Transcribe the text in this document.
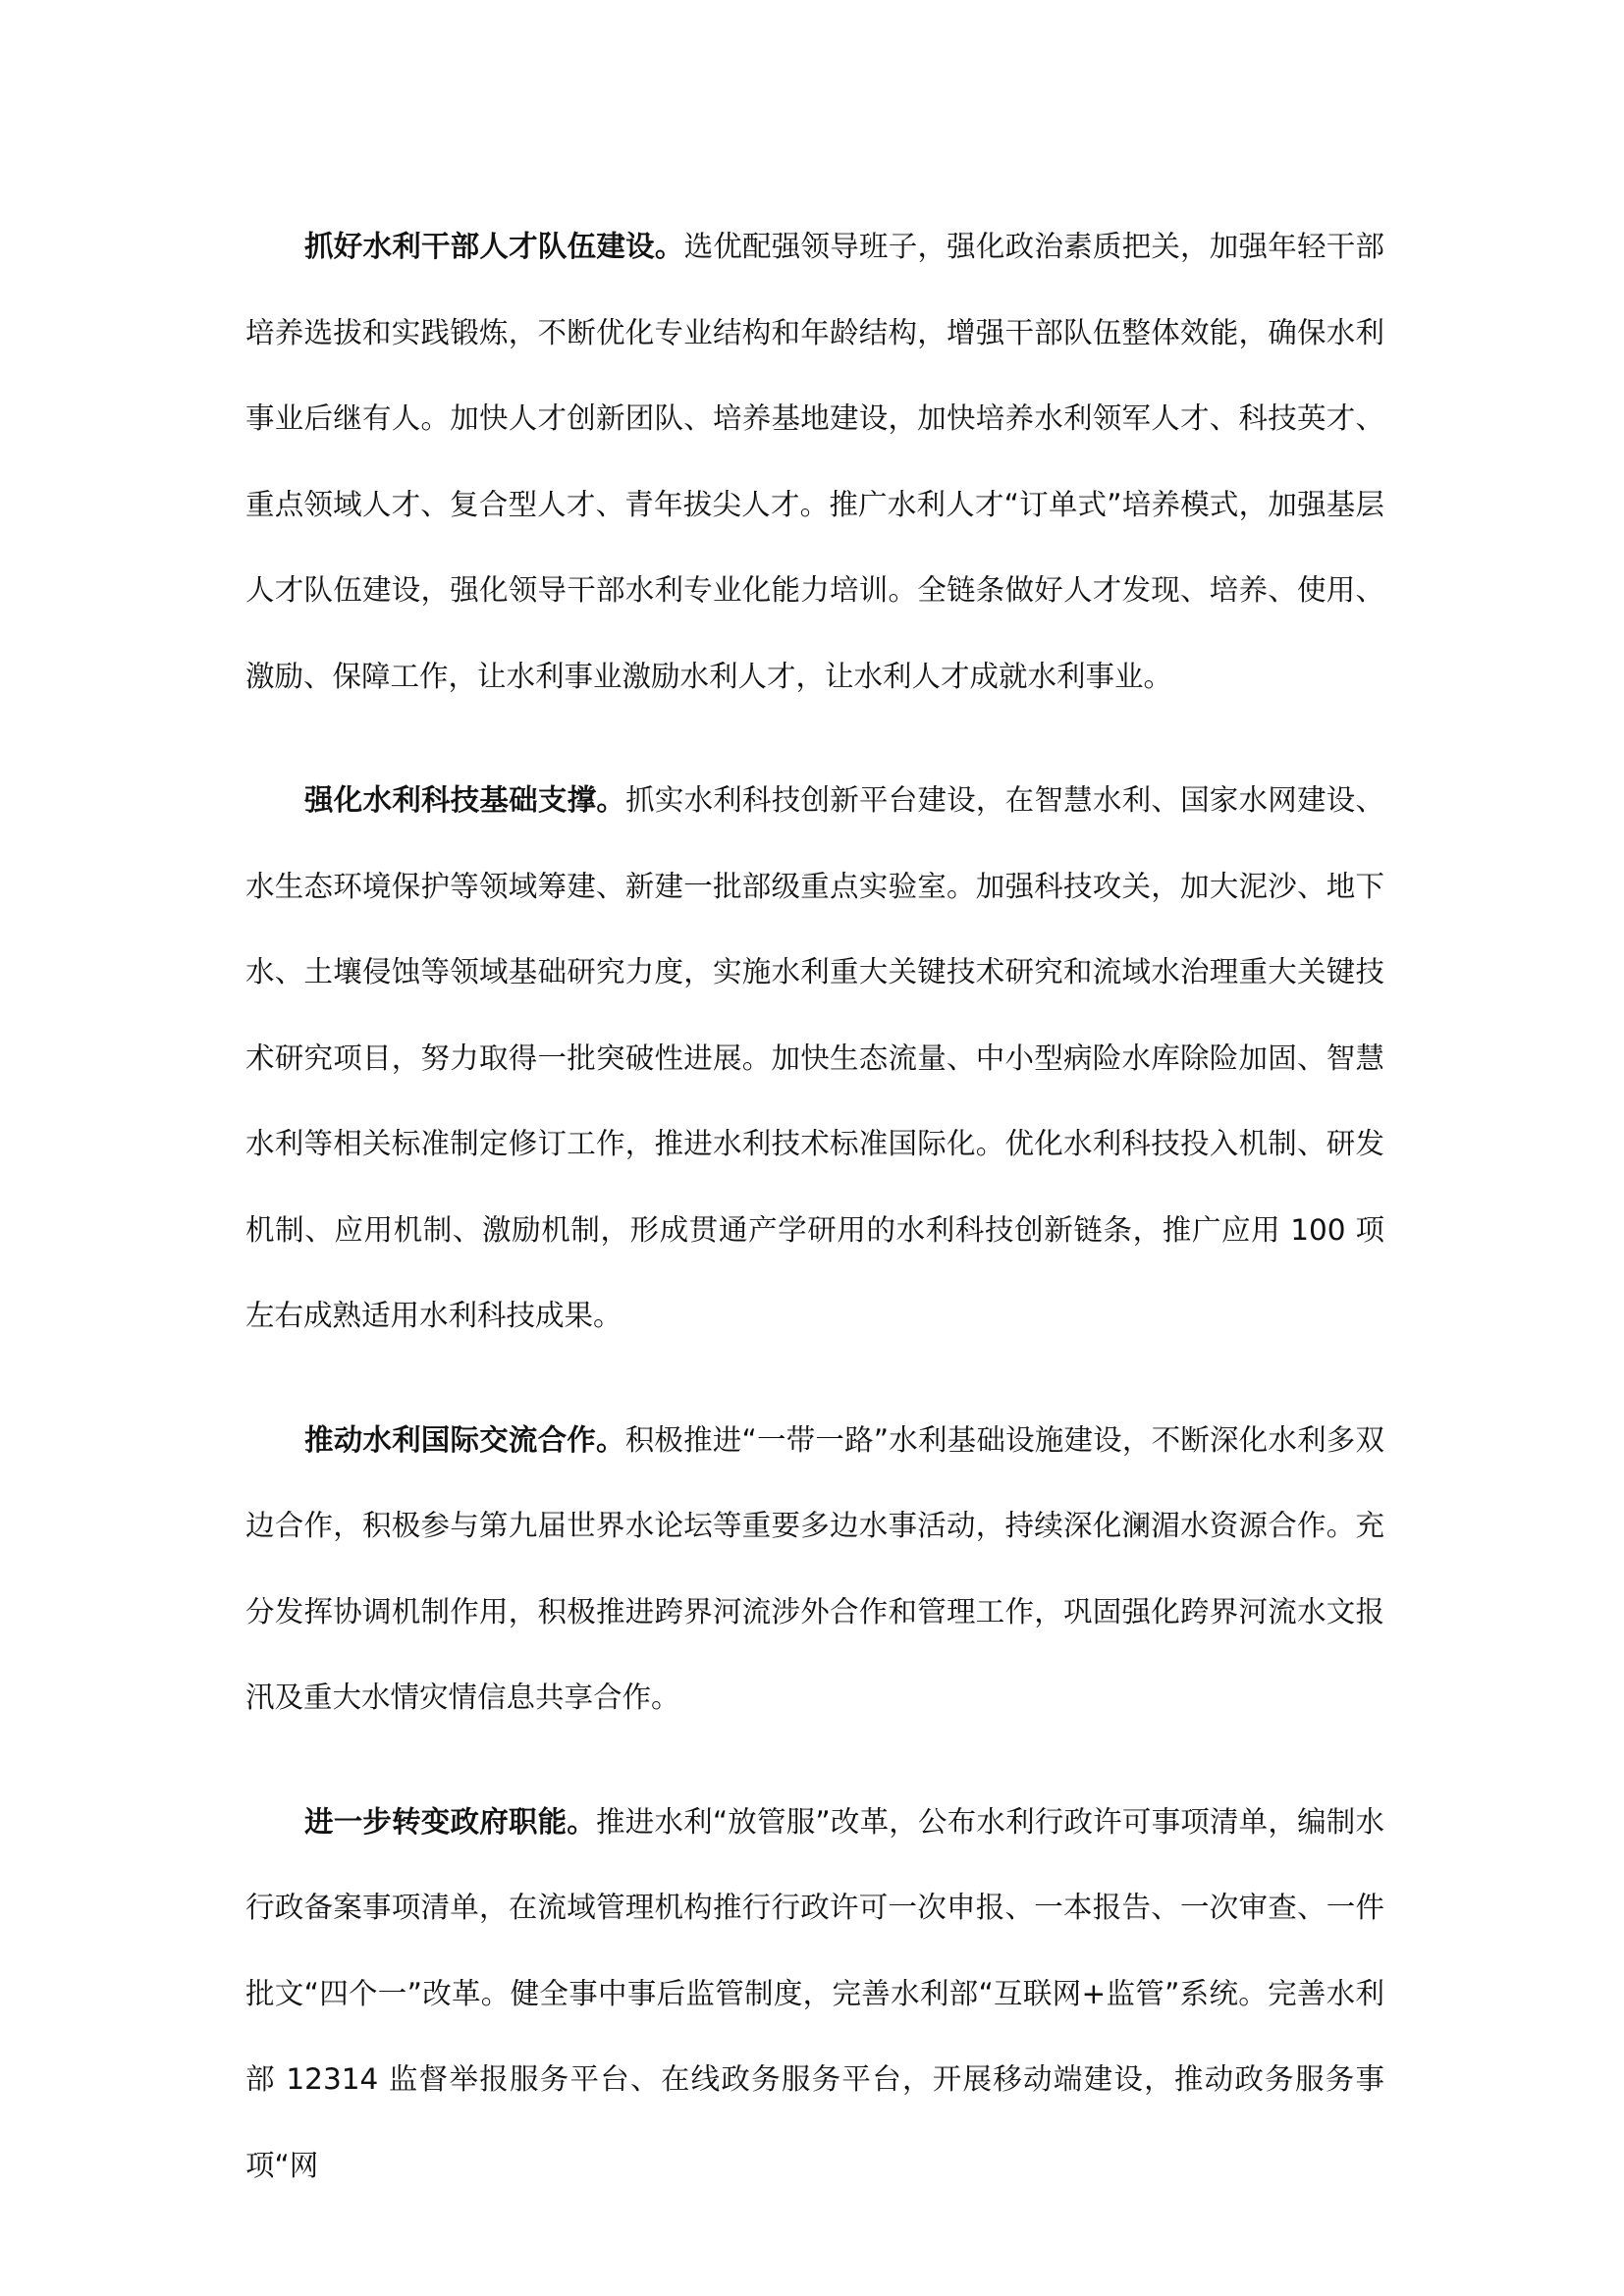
抓好水利干部人才队伍建设。选优配强领导班子，强化政治素质把关，加强年轻干部培养选拔和实践锻炼，不断优化专业结构和年龄结构，增强干部队伍整体效能，确保水利事业后继有人。加快人才创新团队、培养基地建设，加快培养水利领军人才、科技英才、重点领域人才、复合型人才、青年拔尖人才。推广水利人才“订单式”培养模式，加强基层人才队伍建设，强化领导干部水利专业化能力培训。全链条做好人才发现、培养、使用、激励、保障工作，让水利事业激励水利人才，让水利人才成就水利事业。

强化水利科技基础支撑。抓实水利科技创新平台建设，在智慧水利、国家水网建设、水生态环境保护等领域筹建、新建一批部级重点实验室。加强科技攻关，加大泥沙、地下水、土壤侵蚀等领域基础研究力度，实施水利重大关键技术研究和流域水治理重大关键技术研究项目，努力取得一批突破性进展。加快生态流量、中小型病险水库除险加固、智慧水利等相关标准制定修订工作，推进水利技术标准国际化。优化水利科技投入机制、研发机制、应用机制、激励机制，形成贯通产学研用的水利科技创新链条，推广应用 100 项左右成熟适用水利科技成果。

推动水利国际交流合作。积极推进“一带一路”水利基础设施建设，不断深化水利多双边合作，积极参与第九届世界水论坛等重要多边水事活动，持续深化澜湄水资源合作。充分发挥协调机制作用，积极推进跨界河流涉外合作和管理工作，巩固强化跨界河流水文报汛及重大水情灾情信息共享合作。

进一步转变政府职能。推进水利“放管服”改革，公布水利行政许可事项清单，编制水行政备案事项清单，在流域管理机构推行行政许可一次申报、一本报告、一次审查、一件批文“四个一”改革。健全事中事后监管制度，完善水利部“互联网+监管”系统。完善水利部 12314 监督举报服务平台、在线政务服务平台，开展移动端建设，推动政务服务事项“网
